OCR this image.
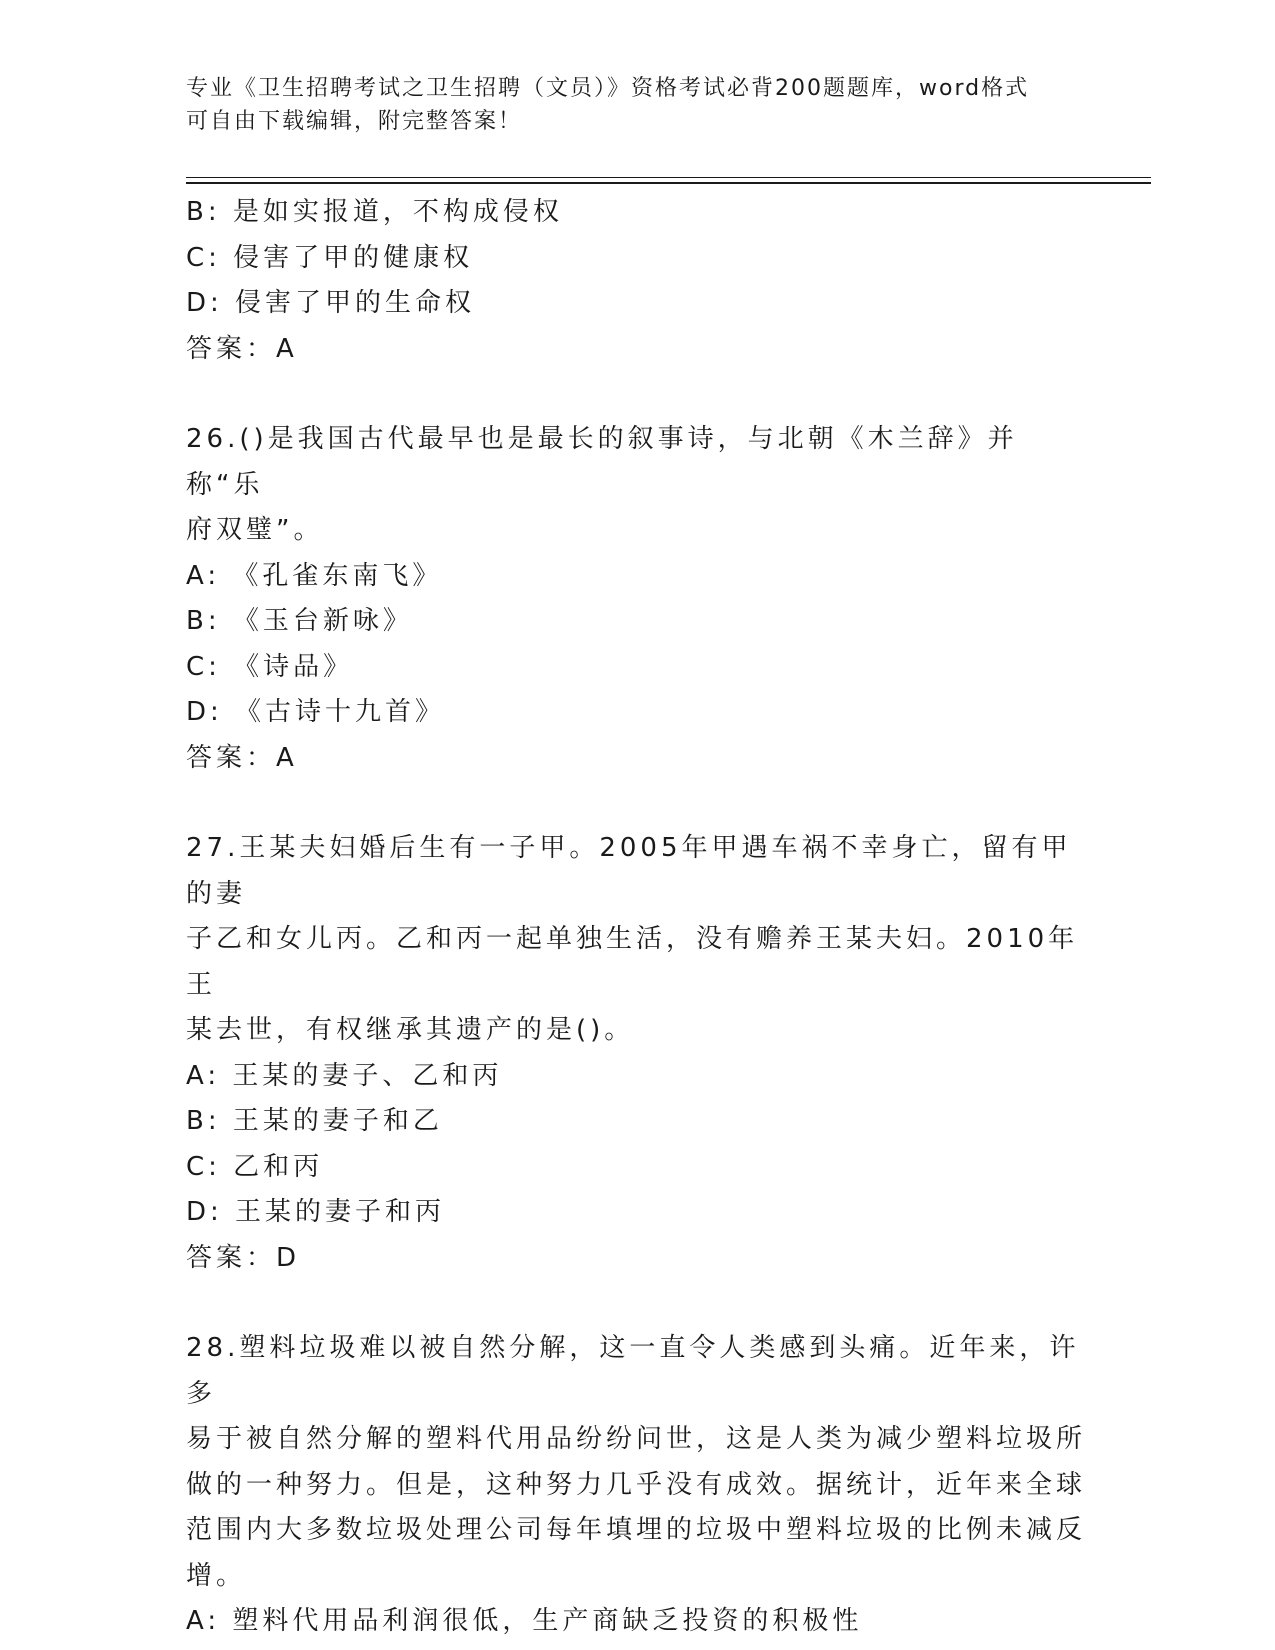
专业《卫生招聘考试之卫生招聘（文员）》资格考试必背200题题库，word格式
可自由下载编辑，附完整答案！
B: 是如实报道，不构成侵权
C: 侵害了甲的健康权
D: 侵害了甲的生命权
答案：A
26.()是我国古代最早也是最长的叙事诗，与北朝《木兰辞》并称“乐
府双璧”。
A: 《孔雀东南飞》
B: 《玉台新咏》
C: 《诗品》
D: 《古诗十九首》
答案：A
27.王某夫妇婚后生有一子甲。2005年甲遇车祸不幸身亡，留有甲的妻
子乙和女儿丙。乙和丙一起单独生活，没有赡养王某夫妇。2010年王
某去世，有权继承其遗产的是()。
A: 王某的妻子、乙和丙
B: 王某的妻子和乙
C: 乙和丙
D: 王某的妻子和丙
答案：D
28.塑料垃圾难以被自然分解，这一直令人类感到头痛。近年来，许多
易于被自然分解的塑料代用品纷纷问世，这是人类为减少塑料垃圾所
做的一种努力。但是，这种努力几乎没有成效。据统计，近年来全球
范围内大多数垃圾处理公司每年填埋的垃圾中塑料垃圾的比例未减反
增。
A: 塑料代用品利润很低，生产商缺乏投资的积极性
